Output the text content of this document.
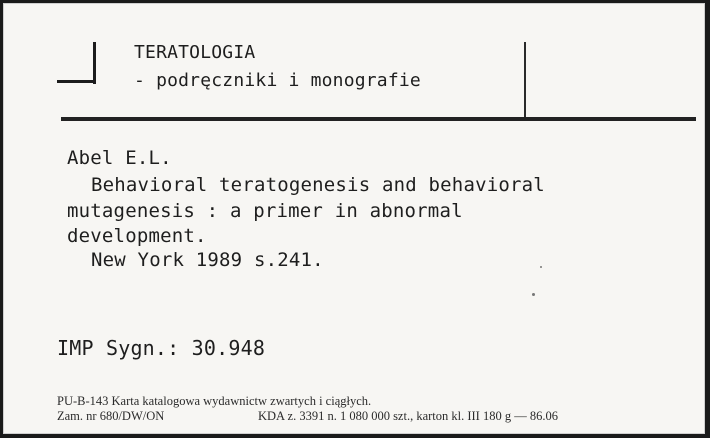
TERATOLOGIA
- podręczniki i monografie
Abel E.L.
Behavioral teratogenesis and behavioral
mutagenesis : a primer in abnormal
development.
New York 1989 s.241.
IMP Sygn.: 30.948
PU-B-143 Karta katalogowa wydawnictw zwartych i ciągłych.
Zam. nr 680/DW/ON	KDA z. 3391 n. 1 080 000 szt., karton kl. III 180 g — 86.06
